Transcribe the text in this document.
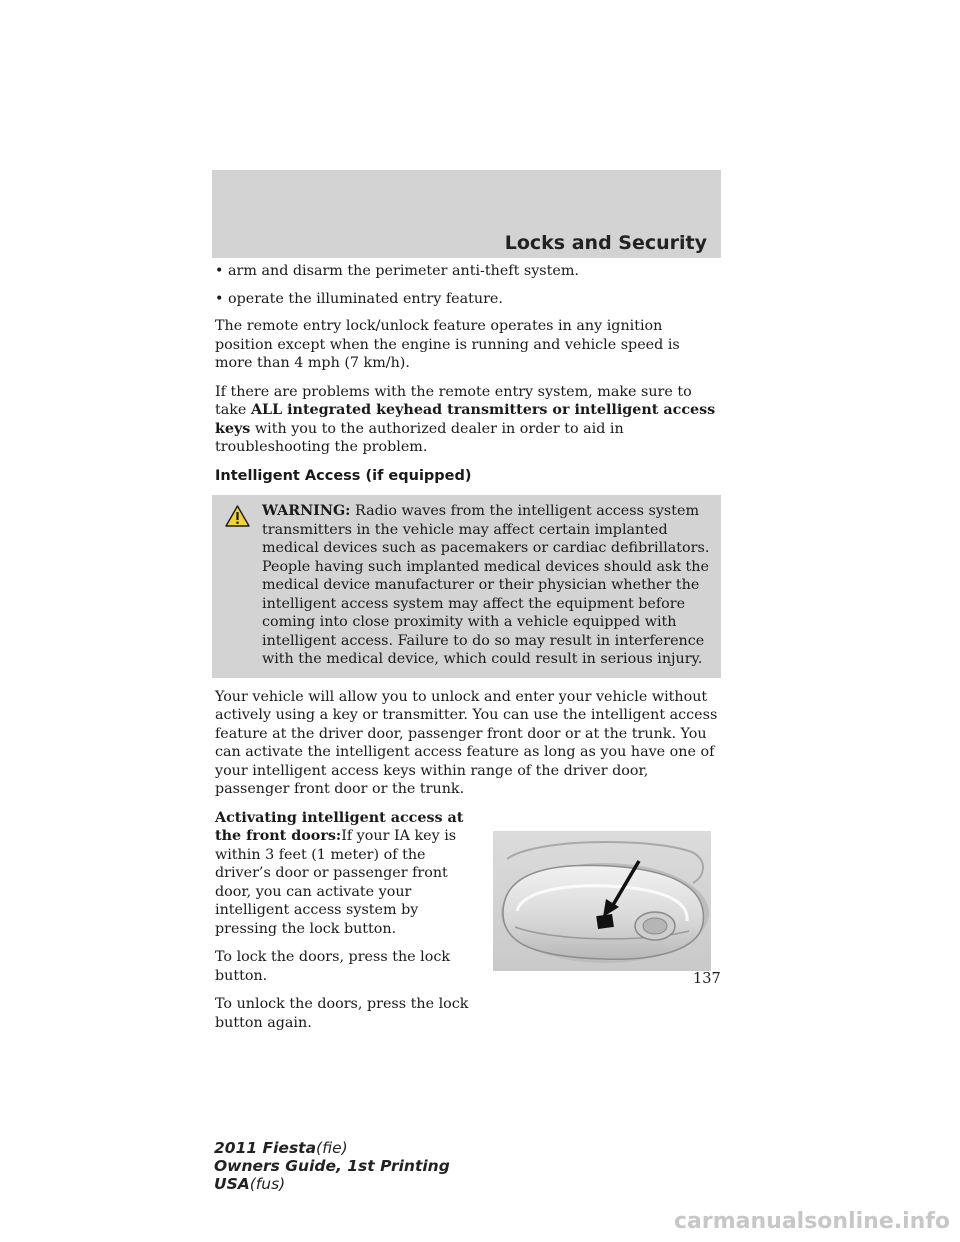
Locks and Security
• arm and disarm the perimeter anti-theft system.
• operate the illuminated entry feature.

The remote entry lock/unlock feature operates in any ignition position except when the engine is running and vehicle speed is more than 4 mph (7 km/h).

If there are problems with the remote entry system, make sure to take ALL integrated keyhead transmitters or intelligent access keys with you to the authorized dealer in order to aid in troubleshooting the problem.

Intelligent Access (if equipped)
WARNING: Radio waves from the intelligent access system transmitters in the vehicle may affect certain implanted medical devices such as pacemakers or cardiac defibrillators. People having such implanted medical devices should ask the medical device manufacturer or their physician whether the intelligent access system may affect the equipment before coming into close proximity with a vehicle equipped with intelligent access. Failure to do so may result in interference with the medical device, which could result in serious injury.

Your vehicle will allow you to unlock and enter your vehicle without actively using a key or transmitter. You can use the intelligent access feature at the driver door, passenger front door or at the trunk. You can activate the intelligent access feature as long as you have one of your intelligent access keys within range of the driver door, passenger front door or the trunk.

Activating intelligent access at the front doors:If your IA key is within 3 feet (1 meter) of the driver’s door or passenger front door, you can activate your intelligent access system by pressing the lock button.

To lock the doors, press the lock button.

To unlock the doors, press the lock button again.

137
2011 Fiesta(fie)
Owners Guide, 1st Printing
USA(fus)
carmanualsonline.info
